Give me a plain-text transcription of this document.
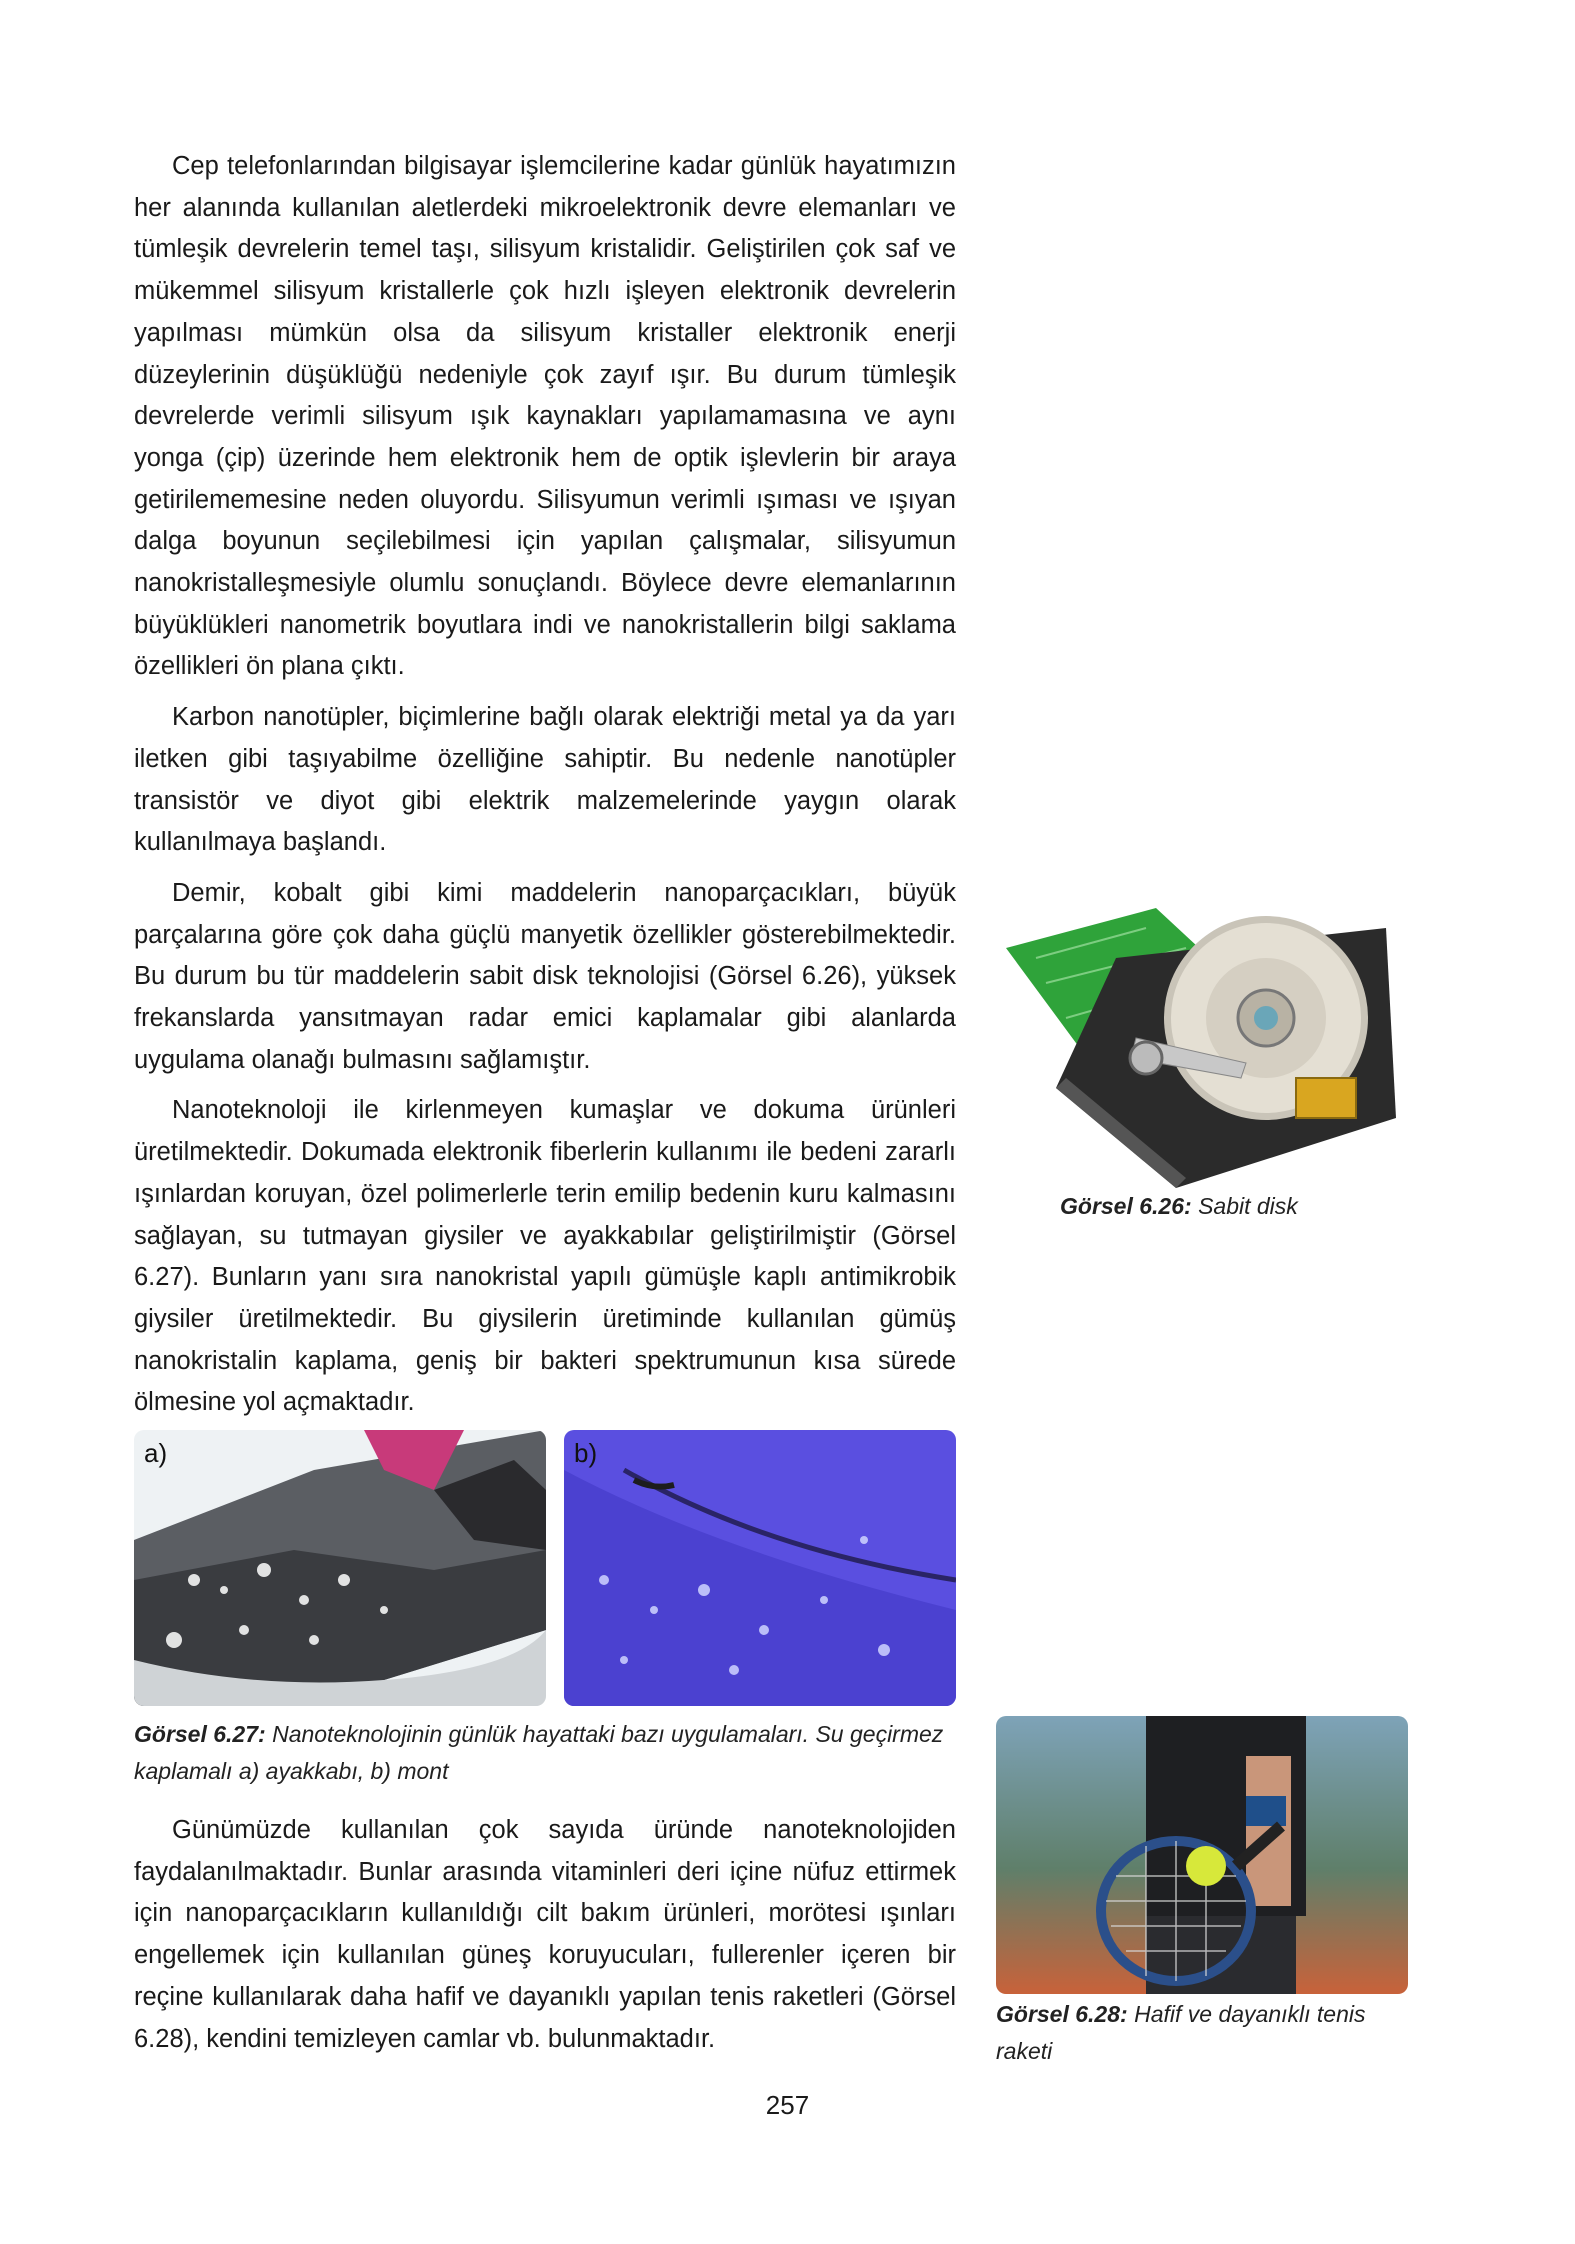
Cep telefonlarından bilgisayar işlemcilerine kadar günlük hayatımızın her alanında kullanılan aletlerdeki mikroelektronik devre elemanları ve tümleşik devrelerin temel taşı, silisyum kristalidir. Geliştirilen çok saf ve mükemmel silisyum kristallerle çok hızlı işleyen elektronik devrelerin yapılması mümkün olsa da silisyum kristaller elektronik enerji düzeylerinin düşüklüğü nedeniyle çok zayıf ışır. Bu durum tümleşik devrelerde verimli silisyum ışık kaynakları yapılamamasına ve aynı yonga (çip) üzerinde hem elektronik hem de optik işlevlerin bir araya getirilememesine neden oluyordu. Silisyumun verimli ışıması ve ışıyan dalga boyunun seçilebilmesi için yapılan çalışmalar, silisyumun nanokristalleşmesiyle olumlu sonuçlandı. Böylece devre elemanlarının büyüklükleri nanometrik boyutlara indi ve nanokristallerin bilgi saklama özellikleri ön plana çıktı.

Karbon nanotüpler, biçimlerine bağlı olarak elektriği metal ya da yarı iletken gibi taşıyabilme özelliğine sahiptir. Bu nedenle nanotüpler transistör ve diyot gibi elektrik malzemelerinde yaygın olarak kullanılmaya başlandı.

Demir, kobalt gibi kimi maddelerin nanoparçacıkları, büyük parçalarına göre çok daha güçlü manyetik özellikler gösterebilmektedir. Bu durum bu tür maddelerin sabit disk teknolojisi (Görsel 6.26), yüksek frekanslarda yansıtmayan radar emici kaplamalar gibi alanlarda uygulama olanağı bulmasını sağlamıştır.

Nanoteknoloji ile kirlenmeyen kumaşlar ve dokuma ürünleri üretilmektedir. Dokumada elektronik fiberlerin kullanımı ile bedeni zararlı ışınlardan koruyan, özel polimerlerle terin emilip bedenin kuru kalmasını sağlayan, su tutmayan giysiler ve ayakkabılar geliştirilmiştir (Görsel 6.27). Bunların yanı sıra nanokristal yapılı gümüşle kaplı antimikrobik giysiler üretilmektedir. Bu giysilerin üretiminde kullanılan gümüş nanokristalin kaplama, geniş bir bakteri spektrumunun kısa sürede ölmesine yol açmaktadır.

Görsel 6.26: Sabit disk
a)	b)
Görsel 6.27: Nanoteknolojinin günlük hayattaki bazı uygulamaları. Su geçirmez kaplamalı a) ayakkabı, b) mont

Günümüzde kullanılan çok sayıda üründe nanoteknolojiden faydalanılmaktadır. Bunlar arasında vitaminleri deri içine nüfuz ettirmek için nanoparçacıkların kullanıldığı cilt bakım ürünleri, morötesi ışınları engellemek için kullanılan güneş koruyucuları, fullerenler içeren bir reçine kullanılarak daha hafif ve dayanıklı yapılan tenis raketleri (Görsel 6.28), kendini temizleyen camlar vb. bulunmaktadır.

Görsel 6.28: Hafif ve dayanıklı tenis raketi
257
